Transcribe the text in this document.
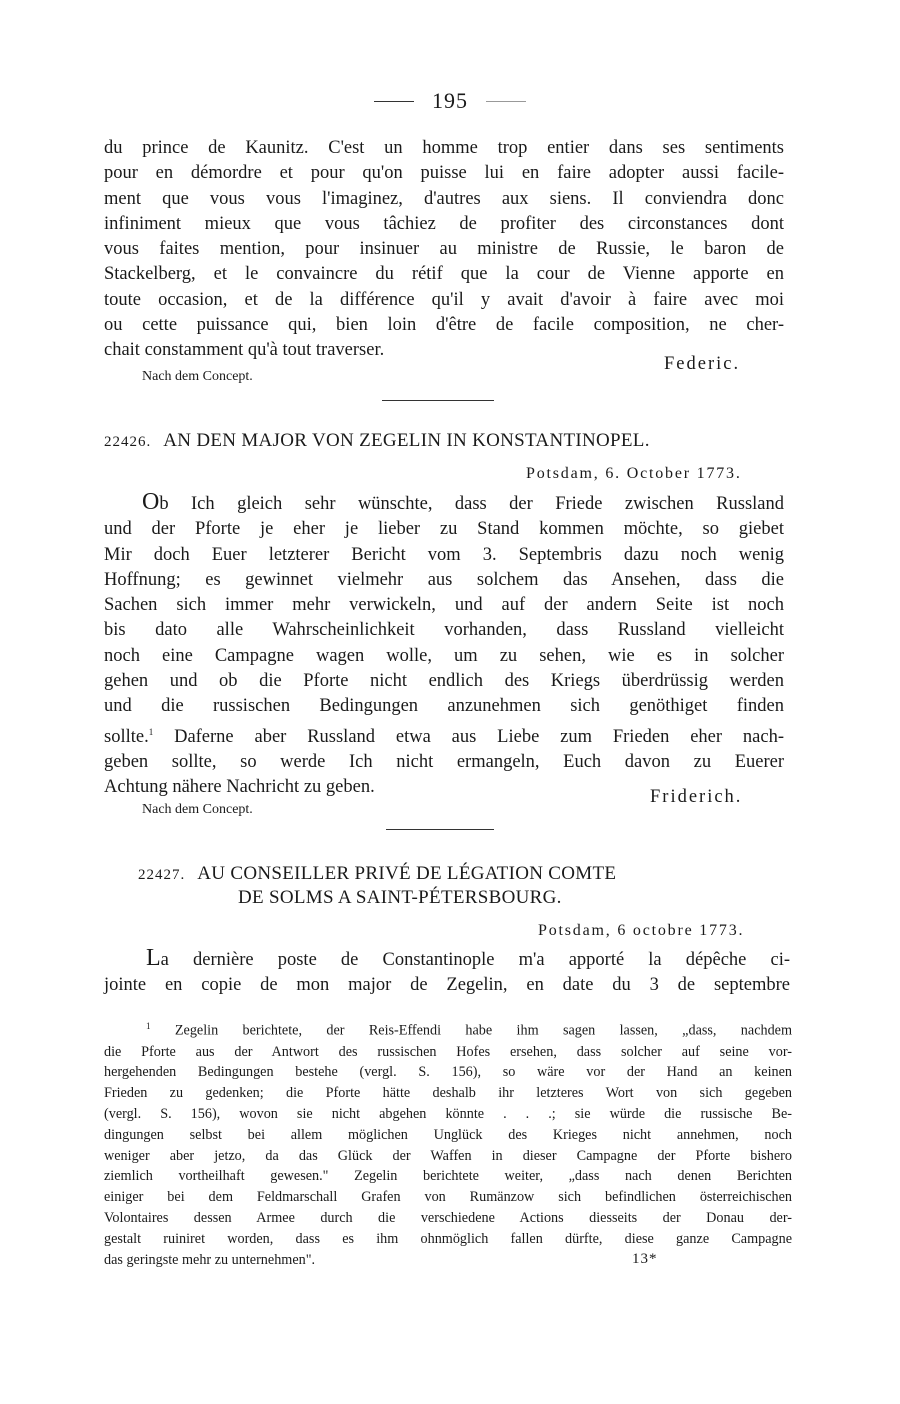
195
du prince de Kaunitz. C'est un homme trop entier dans ses sentiments
pour en démordre et pour qu'on puisse lui en faire adopter aussi facile-
ment que vous vous l'imaginez, d'autres aux siens. Il conviendra donc
infiniment mieux que vous tâchiez de profiter des circonstances dont
vous faites mention, pour insinuer au ministre de Russie, le baron de
Stackelberg, et le convaincre du rétif que la cour de Vienne apporte en
toute occasion, et de la différence qu'il y avait d'avoir à faire avec moi
ou cette puissance qui, bien loin d'être de facile composition, ne cher-
chait constamment qu'à tout traverser.
Federic.
Nach dem Concept.
22426. AN DEN MAJOR VON ZEGELIN IN KONSTANTINOPEL.
Potsdam, 6. October 1773.
Ob Ich gleich sehr wünschte, dass der Friede zwischen Russland
und der Pforte je eher je lieber zu Stand kommen möchte, so giebet
Mir doch Euer letzterer Bericht vom 3. Septembris dazu noch wenig
Hoffnung; es gewinnet vielmehr aus solchem das Ansehen, dass die
Sachen sich immer mehr verwickeln, und auf der andern Seite ist noch
bis dato alle Wahrscheinlichkeit vorhanden, dass Russland vielleicht
noch eine Campagne wagen wolle, um zu sehen, wie es in solcher
gehen und ob die Pforte nicht endlich des Kriegs überdrüssig werden
und die russischen Bedingungen anzunehmen sich genöthiget finden
sollte.$^1$ Daferne aber Russland etwa aus Liebe zum Frieden eher nach-
geben sollte, so werde Ich nicht ermangeln, Euch davon zu Euerer
Achtung nähere Nachricht zu geben.	Friderich.
Nach dem Concept.
22427. AU CONSEILLER PRIVÉ DE LÉGATION COMTE
DE SOLMS A SAINT-PÉTERSBOURG.
Potsdam, 6 octobre 1773.
La dernière poste de Constantinople m'a apporté la dépêche ci-
jointe en copie de mon major de Zegelin, en date du 3 de septembre
$^1$ Zegelin berichtete, der Reis-Effendi habe ihm sagen lassen, „dass, nachdem
die Pforte aus der Antwort des russischen Hofes ersehen, dass solcher auf seine vor-
hergehenden Bedingungen bestehe (vergl. S. 156), so wäre vor der Hand an keinen
Frieden zu gedenken; die Pforte hätte deshalb ihr letzteres Wort von sich gegeben
(vergl. S. 156), wovon sie nicht abgehen könnte . . .; sie würde die russische Be-
dingungen selbst bei allem möglichen Unglück des Krieges nicht annehmen, noch
weniger aber jetzo, da das Glück der Waffen in dieser Campagne der Pforte bishero
ziemlich vortheilhaft gewesen." Zegelin berichtete weiter, „dass nach denen Berichten
einiger bei dem Feldmarschall Grafen von Rumänzow sich befindlichen österreichischen
Volontaires dessen Armee durch die verschiedene Actions diesseits der Donau der-
gestalt ruiniret worden, dass es ihm ohnmöglich fallen dürfte, diese ganze Campagne
das geringste mehr zu unternehmen".	13*
